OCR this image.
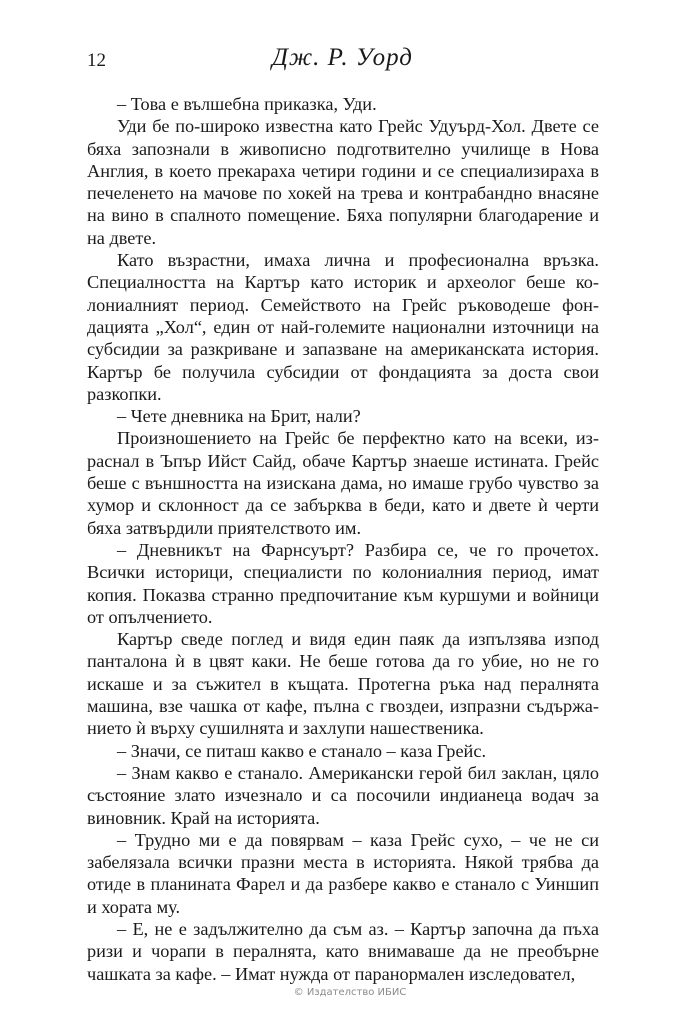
12	Дж. Р. Уорд

– Това е вълшебна приказка, Уди.

Уди бе по-широко известна като Грейс Удуърд-Хол. Двете се бяха запознали в живописно подготвително училище в Нова Англия, в което прекараха четири години и се специализираха в печеленето на мачове по хокей на трева и контрабандно внасяне на вино в спалното помещение. Бяха популярни благодарение и на двете.

Като възрастни, имаха лична и професионална връзка. Специалността на Картър като историк и археолог беше колониалният период. Семейството на Грейс ръководеше фондацията „Хол“, един от най-големите национални източници на субсидии за разкриване и запазване на американската история. Картър бе получила субсидии от фондацията за доста свои разкопки.

– Чете дневника на Брит, нали?

Произношението на Грейс бе перфектно като на всеки, израснал в Ъпър Ийст Сайд, обаче Картър знаеше истината. Грейс беше с външността на изискана дама, но имаше грубо чувство за хумор и склонност да се забърква в беди, като и двете ѝ черти бяха затвърдили приятелството им.

– Дневникът на Фарнсуърт? Разбира се, че го прочетох. Всички историци, специалисти по колониалния период, имат копия. Показва странно предпочитание към куршуми и войници от опълчението.

Картър сведе поглед и видя един паяк да изпълзява изпод панталона ѝ в цвят каки. Не беше готова да го убие, но не го искаше и за съжител в къщата. Протегна ръка над пералнята машина, взе чашка от кафе, пълна с гвоздеи, изпразни съдържанието ѝ върху сушилнята и захлупи нашественика.

– Значи, се питаш какво е станало – каза Грейс.

– Знам какво е станало. Американски герой бил заклан, цяло състояние злато изчезнало и са посочили индианеца водач за виновник. Край на историята.

– Трудно ми е да повярвам – каза Грейс сухо, – че не си забелязала всички празни места в историята. Някой трябва да отиде в планината Фарел и да разбере какво е станало с Уиншип и хората му.

– Е, не е задължително да съм аз. – Картър започна да пъха ризи и чорапи в пералнята, като внимаваше да не преобърне чашката за кафе. – Имат нужда от паранормален изследовател,

© Издателство ИБИС
